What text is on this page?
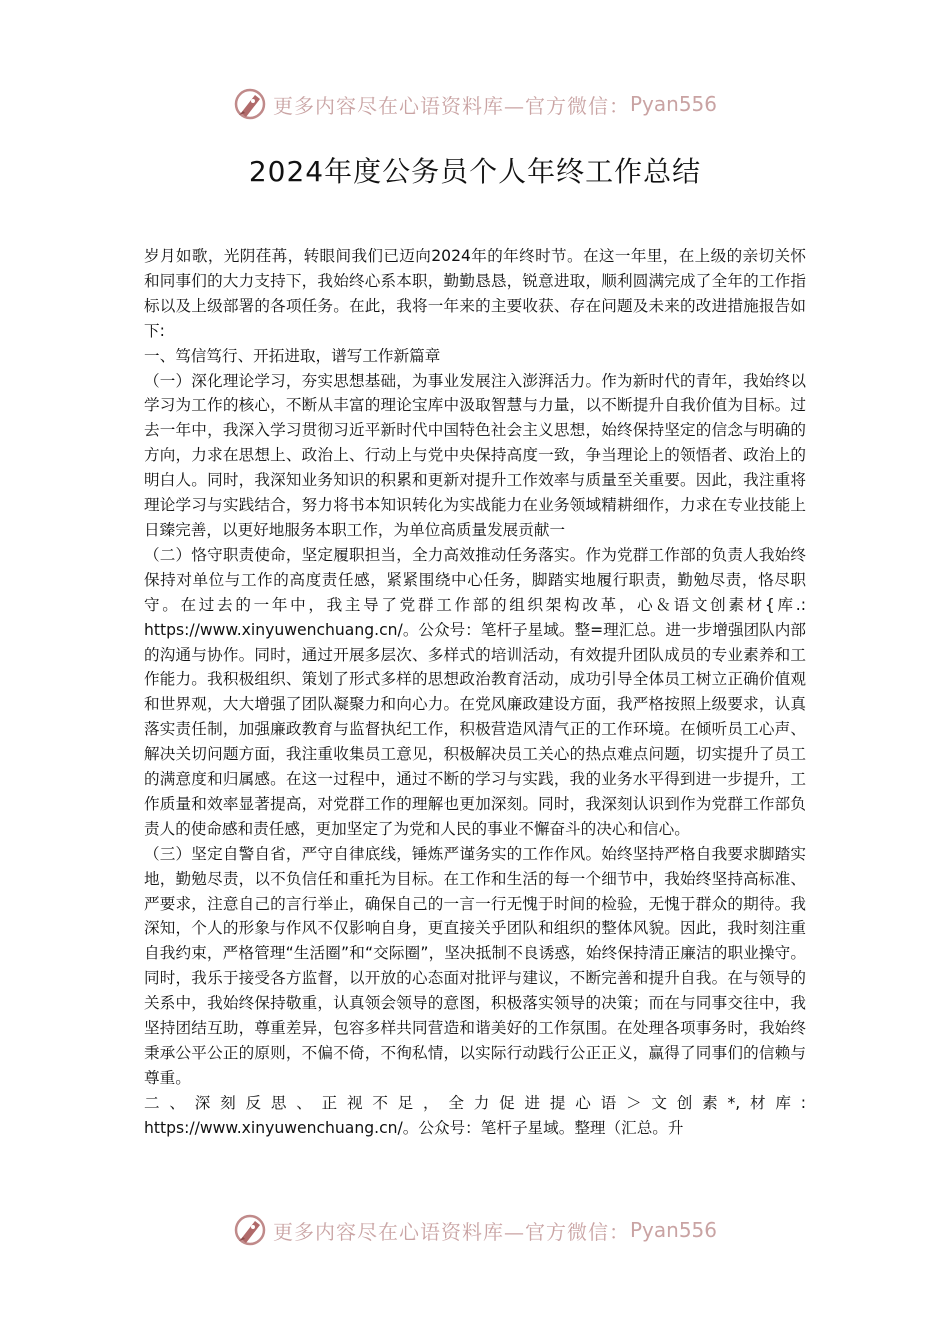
更多内容尽在心语资料库—官方微信： Pyan556
2024年度公务员个人年终工作总结

岁月如歌，光阴荏苒，转眼间我们已迈向2024年的年终时节。在这一年里，在上级的亲切关怀和同事们的大力支持下，我始终心系本职，勤勤恳恳，锐意进取，顺利圆满完成了全年的工作指标以及上级部署的各项任务。在此，我将一年来的主要收获、存在问题及未来的改进措施报告如下:

一、笃信笃行、开拓进取，谱写工作新篇章

（一）深化理论学习，夯实思想基础，为事业发展注入澎湃活力。作为新时代的青年，我始终以学习为工作的核心，不断从丰富的理论宝库中汲取智慧与力量，以不断提升自我价值为目标。过去一年中，我深入学习贯彻习近平新时代中国特色社会主义思想，始终保持坚定的信念与明确的方向，力求在思想上、政治上、行动上与党中央保持高度一致，争当理论上的领悟者、政治上的明白人。同时，我深知业务知识的积累和更新对提升工作效率与质量至关重要。因此，我注重将理论学习与实践结合，努力将书本知识转化为实战能力在业务领域精耕细作，力求在专业技能上日臻完善，以更好地服务本职工作，为单位高质量发展贡献一

（二）恪守职责使命，坚定履职担当，全力高效推动任务落实。作为党群工作部的负责人我始终保持对单位与工作的高度责任感，紧紧围绕中心任务，脚踏实地履行职责，勤勉尽责，恪尽职守。在过去的一年中，我主导了党群工作部的组织架构改革，心＆语文创素材{库.: https://www.xinyuwenchuang.cn/。公众号：笔杆子星域。整=理汇总。进一步增强团队内部的沟通与协作。同时，通过开展多层次、多样式的培训活动，有效提升团队成员的专业素养和工作能力。我积极组织、策划了形式多样的思想政治教育活动，成功引导全体员工树立正确价值观和世界观，大大增强了团队凝聚力和向心力。在党风廉政建设方面，我严格按照上级要求，认真落实责任制，加强廉政教育与监督执纪工作，积极营造风清气正的工作环境。在倾听员工心声、解决关切问题方面，我注重收集员工意见，积极解决员工关心的热点难点问题，切实提升了员工的满意度和归属感。在这一过程中，通过不断的学习与实践，我的业务水平得到进一步提升，工作质量和效率显著提高，对党群工作的理解也更加深刻。同时，我深刻认识到作为党群工作部负责人的使命感和责任感，更加坚定了为党和人民的事业不懈奋斗的决心和信心。

（三）坚定自警自省，严守自律底线，锤炼严谨务实的工作作风。始终坚持严格自我要求脚踏实地，勤勉尽责，以不负信任和重托为目标。在工作和生活的每一个细节中，我始终坚持高标准、严要求，注意自己的言行举止，确保自己的一言一行无愧于时间的检验，无愧于群众的期待。我深知，个人的形象与作风不仅影响自身，更直接关乎团队和组织的整体风貌。因此，我时刻注重自我约束，严格管理“生活圈”和“交际圈”，坚决抵制不良诱惑，始终保持清正廉洁的职业操守。同时，我乐于接受各方监督，以开放的心态面对批评与建议，不断完善和提升自我。在与领导的关系中，我始终保持敬重，认真领会领导的意图，积极落实领导的决策；而在与同事交往中，我坚持团结互助，尊重差异，包容多样共同营造和谐美好的工作氛围。在处理各项事务时，我始终秉承公平公正的原则，不偏不倚，不徇私情，以实际行动践行公正正义，赢得了同事们的信赖与尊重。

二、深刻反思、正视不足，全力促进提心语＞文创素*,材库: https://www.xinyuwenchuang.cn/。公众号：笔杆子星域。整理（汇总。升

更多内容尽在心语资料库—官方微信： Pyan556
